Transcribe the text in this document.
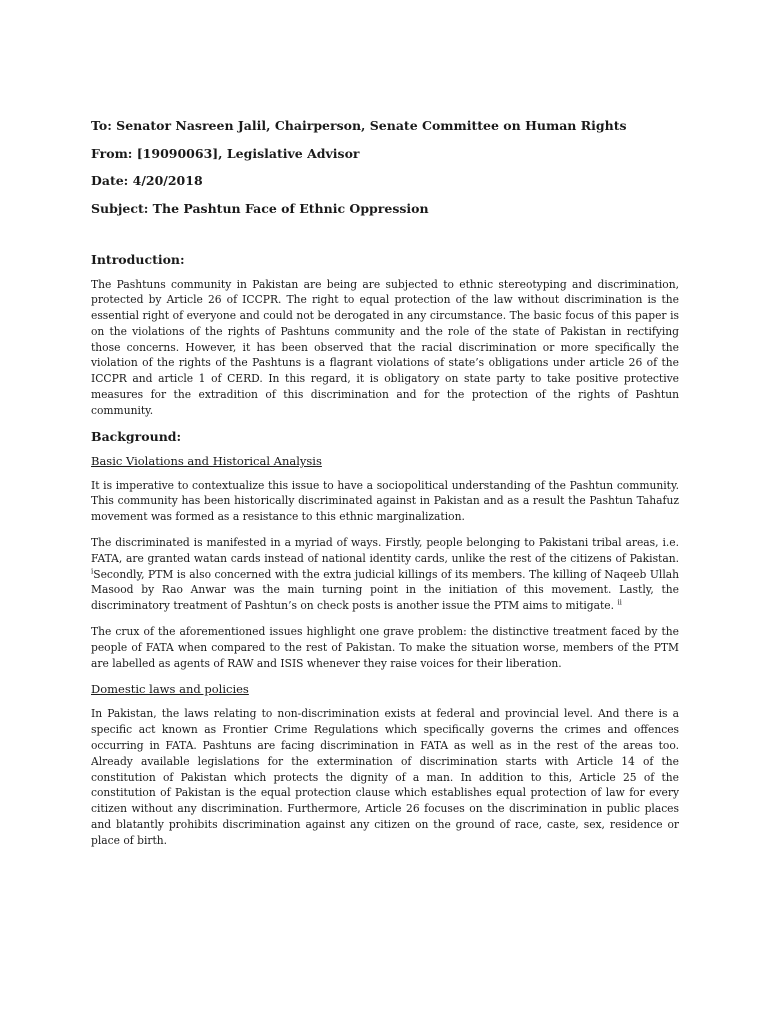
To: Senator Nasreen Jalil, Chairperson, Senate Committee on Human Rights
From: [19090063], Legislative Advisor
Date: 4/20/2018
Subject: The Pashtun Face of Ethnic Oppression
Introduction:

The Pashtuns community in Pakistan are being are subjected to ethnic stereotyping and discrimination, protected by Article 26 of ICCPR. The right to equal protection of the law without discrimination is the essential right of everyone and could not be derogated in any circumstance. The basic focus of this paper is on the violations of the rights of Pashtuns community and the role of the state of Pakistan in rectifying those concerns. However, it has been observed that the racial discrimination or more specifically the violation of the rights of the Pashtuns is a flagrant violations of state’s obligations under article 26 of the ICCPR and article 1 of CERD. In this regard, it is obligatory on state party to take positive protective measures for the extradition of this discrimination and for the protection of the rights of Pashtun community.

Background:
Basic Violations and Historical Analysis

It is imperative to contextualize this issue to have a sociopolitical understanding of the Pashtun community. This community has been historically discriminated against in Pakistan and as a result the Pashtun Tahafuz movement was formed as a resistance to this ethnic marginalization.

The discriminated is manifested in a myriad of ways. Firstly, people belonging to Pakistani tribal areas, i.e. FATA, are granted watan cards instead of national identity cards, unlike the rest of the citizens of Pakistan. $^i$Secondly, PTM is also concerned with the extra judicial killings of its members. The killing of Naqeeb Ullah Masood by Rao Anwar was the main turning point in the initiation of this movement. Lastly, the discriminatory treatment of Pashtun’s on check posts is another issue the PTM aims to mitigate. $^{ii}$

The crux of the aforementioned issues highlight one grave problem: the distinctive treatment faced by the people of FATA when compared to the rest of Pakistan. To make the situation worse, members of the PTM are labelled as agents of RAW and ISIS whenever they raise voices for their liberation.

Domestic laws and policies

In Pakistan, the laws relating to non-discrimination exists at federal and provincial level. And there is a specific act known as Frontier Crime Regulations which specifically governs the crimes and offences occurring in FATA. Pashtuns are facing discrimination in FATA as well as in the rest of the areas too. Already available legislations for the extermination of discrimination starts with Article 14 of the constitution of Pakistan which protects the dignity of a man. In addition to this, Article 25 of the constitution of Pakistan is the equal protection clause which establishes equal protection of law for every citizen without any discrimination. Furthermore, Article 26 focuses on the discrimination in public places and blatantly prohibits discrimination against any citizen on the ground of race, caste, sex, residence or place of birth.
